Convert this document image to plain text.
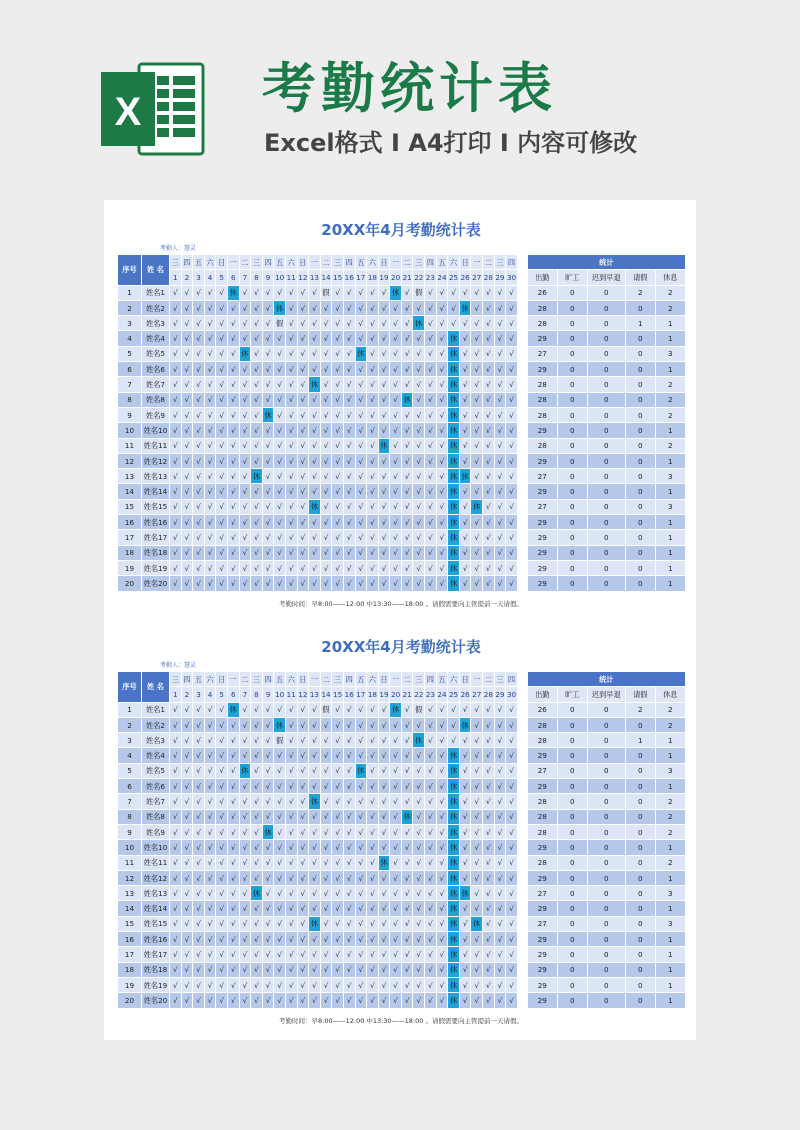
X 考勤统计表
Excel格式 I A4打印 I 内容可修改
20XX年4月考勤统计表
考勤人：慧灵
序号	姓 名	三	四	五	六	日	一	二	三	四	五	六	日	一	二	三	四	五	六	日	一	二	三	四	五	六	日	一	二	三	四		统计				
		1	2	3	4	5	6	7	8	9	10	11	12	13	14	15	16	17	18	19	20	21	22	23	24	25	26	27	28	29	30		出勤	旷工	迟到早退	请假	休息
1	姓名1	√	√	√	√	√	休	√	√	√	√	√	√	√	假	√	√	√	√	√	休	√	假	√	√	√	√	√	√	√	√		26	0	0	2	2
2	姓名2	√	√	√	√	√	√	√	√	√	休	√	√	√	√	√	√	√	√	√	√	√	√	√	√	√	休	√	√	√	√		28	0	0	0	2
3	姓名3	√	√	√	√	√	√	√	√	√	假	√	√	√	√	√	√	√	√	√	√	√	休	√	√	√	√	√	√	√	√		28	0	0	1	1
4	姓名4	√	√	√	√	√	√	√	√	√	√	√	√	√	√	√	√	√	√	√	√	√	√	√	√	休	√	√	√	√	√		29	0	0	0	1
5	姓名5	√	√	√	√	√	√	休	√	√	√	√	√	√	√	√	√	休	√	√	√	√	√	√	√	休	√	√	√	√	√		27	0	0	0	3
6	姓名6	√	√	√	√	√	√	√	√	√	√	√	√	√	√	√	√	√	√	√	√	√	√	√	√	休	√	√	√	√	√		29	0	0	0	1
7	姓名7	√	√	√	√	√	√	√	√	√	√	√	√	休	√	√	√	√	√	√	√	√	√	√	√	休	√	√	√	√	√		28	0	0	0	2
8	姓名8	√	√	√	√	√	√	√	√	√	√	√	√	√	√	√	√	√	√	√	√	休	√	√	√	休	√	√	√	√	√		28	0	0	0	2
9	姓名9	√	√	√	√	√	√	√	√	休	√	√	√	√	√	√	√	√	√	√	√	√	√	√	√	休	√	√	√	√	√		28	0	0	0	2
10	姓名10	√	√	√	√	√	√	√	√	√	√	√	√	√	√	√	√	√	√	√	√	√	√	√	√	休	√	√	√	√	√		29	0	0	0	1
11	姓名11	√	√	√	√	√	√	√	√	√	√	√	√	√	√	√	√	√	√	休	√	√	√	√	√	休	√	√	√	√	√		28	0	0	0	2
12	姓名12	√	√	√	√	√	√	√	√	√	√	√	√	√	√	√	√	√	√	√	√	√	√	√	√	休	√	√	√	√	√		29	0	0	0	1
13	姓名13	√	√	√	√	√	√	√	休	√	√	√	√	√	√	√	√	√	√	√	√	√	√	√	√	休	休	√	√	√	√		27	0	0	0	3
14	姓名14	√	√	√	√	√	√	√	√	√	√	√	√	√	√	√	√	√	√	√	√	√	√	√	√	休	√	√	√	√	√		29	0	0	0	1
15	姓名15	√	√	√	√	√	√	√	√	√	√	√	√	休	√	√	√	√	√	√	√	√	√	√	√	休	√	休	√	√	√		27	0	0	0	3
16	姓名16	√	√	√	√	√	√	√	√	√	√	√	√	√	√	√	√	√	√	√	√	√	√	√	√	休	√	√	√	√	√		29	0	0	0	1
17	姓名17	√	√	√	√	√	√	√	√	√	√	√	√	√	√	√	√	√	√	√	√	√	√	√	√	休	√	√	√	√	√		29	0	0	0	1
18	姓名18	√	√	√	√	√	√	√	√	√	√	√	√	√	√	√	√	√	√	√	√	√	√	√	√	休	√	√	√	√	√		29	0	0	0	1
19	姓名19	√	√	√	√	√	√	√	√	√	√	√	√	√	√	√	√	√	√	√	√	√	√	√	√	休	√	√	√	√	√		29	0	0	0	1
20	姓名20	√	√	√	√	√	√	√	√	√	√	√	√	√	√	√	√	√	√	√	√	√	√	√	√	休	√	√	√	√	√		29	0	0	0	1
考勤时间：早8:00——12:00 中13:30——18:00 。请假需要向主管提前一天请假。
20XX年4月考勤统计表
考勤人：慧灵
序号	姓 名	三	四	五	六	日	一	二	三	四	五	六	日	一	二	三	四	五	六	日	一	二	三	四	五	六	日	一	二	三	四		统计				
		1	2	3	4	5	6	7	8	9	10	11	12	13	14	15	16	17	18	19	20	21	22	23	24	25	26	27	28	29	30		出勤	旷工	迟到早退	请假	休息
1	姓名1	√	√	√	√	√	休	√	√	√	√	√	√	√	假	√	√	√	√	√	休	√	假	√	√	√	√	√	√	√	√		26	0	0	2	2
2	姓名2	√	√	√	√	√	√	√	√	√	休	√	√	√	√	√	√	√	√	√	√	√	√	√	√	√	休	√	√	√	√		28	0	0	0	2
3	姓名3	√	√	√	√	√	√	√	√	√	假	√	√	√	√	√	√	√	√	√	√	√	休	√	√	√	√	√	√	√	√		28	0	0	1	1
4	姓名4	√	√	√	√	√	√	√	√	√	√	√	√	√	√	√	√	√	√	√	√	√	√	√	√	休	√	√	√	√	√		29	0	0	0	1
5	姓名5	√	√	√	√	√	√	休	√	√	√	√	√	√	√	√	√	休	√	√	√	√	√	√	√	休	√	√	√	√	√		27	0	0	0	3
6	姓名6	√	√	√	√	√	√	√	√	√	√	√	√	√	√	√	√	√	√	√	√	√	√	√	√	休	√	√	√	√	√		29	0	0	0	1
7	姓名7	√	√	√	√	√	√	√	√	√	√	√	√	休	√	√	√	√	√	√	√	√	√	√	√	休	√	√	√	√	√		28	0	0	0	2
8	姓名8	√	√	√	√	√	√	√	√	√	√	√	√	√	√	√	√	√	√	√	√	休	√	√	√	休	√	√	√	√	√		28	0	0	0	2
9	姓名9	√	√	√	√	√	√	√	√	休	√	√	√	√	√	√	√	√	√	√	√	√	√	√	√	休	√	√	√	√	√		28	0	0	0	2
10	姓名10	√	√	√	√	√	√	√	√	√	√	√	√	√	√	√	√	√	√	√	√	√	√	√	√	休	√	√	√	√	√		29	0	0	0	1
11	姓名11	√	√	√	√	√	√	√	√	√	√	√	√	√	√	√	√	√	√	休	√	√	√	√	√	休	√	√	√	√	√		28	0	0	0	2
12	姓名12	√	√	√	√	√	√	√	√	√	√	√	√	√	√	√	√	√	√	√	√	√	√	√	√	休	√	√	√	√	√		29	0	0	0	1
13	姓名13	√	√	√	√	√	√	√	休	√	√	√	√	√	√	√	√	√	√	√	√	√	√	√	√	休	休	√	√	√	√		27	0	0	0	3
14	姓名14	√	√	√	√	√	√	√	√	√	√	√	√	√	√	√	√	√	√	√	√	√	√	√	√	休	√	√	√	√	√		29	0	0	0	1
15	姓名15	√	√	√	√	√	√	√	√	√	√	√	√	休	√	√	√	√	√	√	√	√	√	√	√	休	√	休	√	√	√		27	0	0	0	3
16	姓名16	√	√	√	√	√	√	√	√	√	√	√	√	√	√	√	√	√	√	√	√	√	√	√	√	休	√	√	√	√	√		29	0	0	0	1
17	姓名17	√	√	√	√	√	√	√	√	√	√	√	√	√	√	√	√	√	√	√	√	√	√	√	√	休	√	√	√	√	√		29	0	0	0	1
18	姓名18	√	√	√	√	√	√	√	√	√	√	√	√	√	√	√	√	√	√	√	√	√	√	√	√	休	√	√	√	√	√		29	0	0	0	1
19	姓名19	√	√	√	√	√	√	√	√	√	√	√	√	√	√	√	√	√	√	√	√	√	√	√	√	休	√	√	√	√	√		29	0	0	0	1
20	姓名20	√	√	√	√	√	√	√	√	√	√	√	√	√	√	√	√	√	√	√	√	√	√	√	√	休	√	√	√	√	√		29	0	0	0	1
考勤时间：早8:00——12:00 中13:30——18:00 。请假需要向主管提前一天请假。
